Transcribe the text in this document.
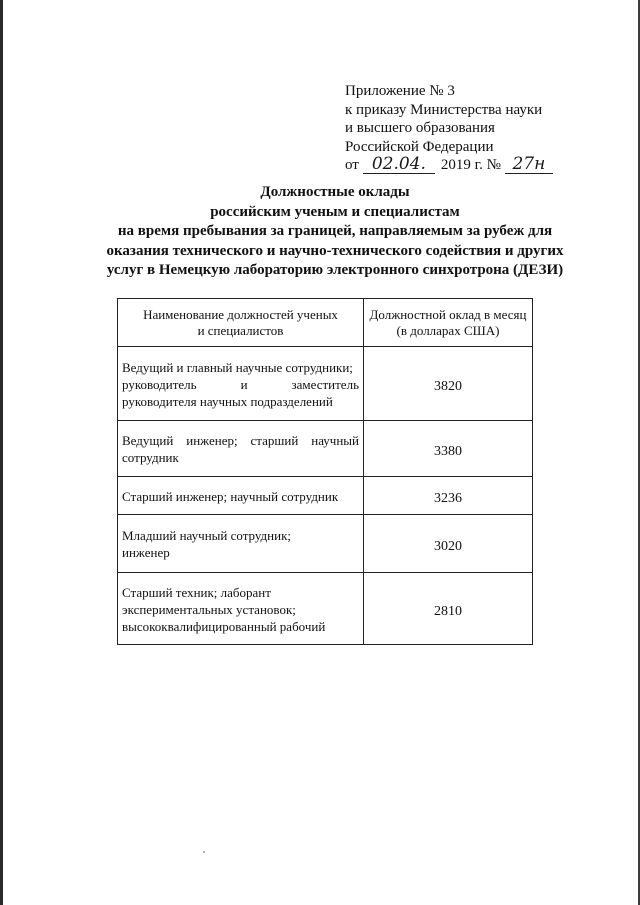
Приложение № 3
к приказу Министерства науки
и высшего образования
Российской Федерации
от 02.04. 2019 г. № 27н
Должностные оклады
российским ученым и специалистам
на время пребывания за границей, направляемым за рубеж для
оказания технического и научно-технического содействия и других
услуг в Немецкую лабораторию электронного синхротрона (ДЕЗИ)
Наименование должностей ученых
и специалистов	Должностной оклад в месяц
(в долларах США)

Ведущий и главный научные сотрудники;
руководитель и заместитель
руководителя научных подразделений	3820

Ведущий инженер; старший научный
сотрудник	3380

Старший инженер; научный сотрудник	3236

Младший научный сотрудник;
инженер	3020

Старший техник; лаборант
экспериментальных установок;
высококвалифицированный рабочий	2810
